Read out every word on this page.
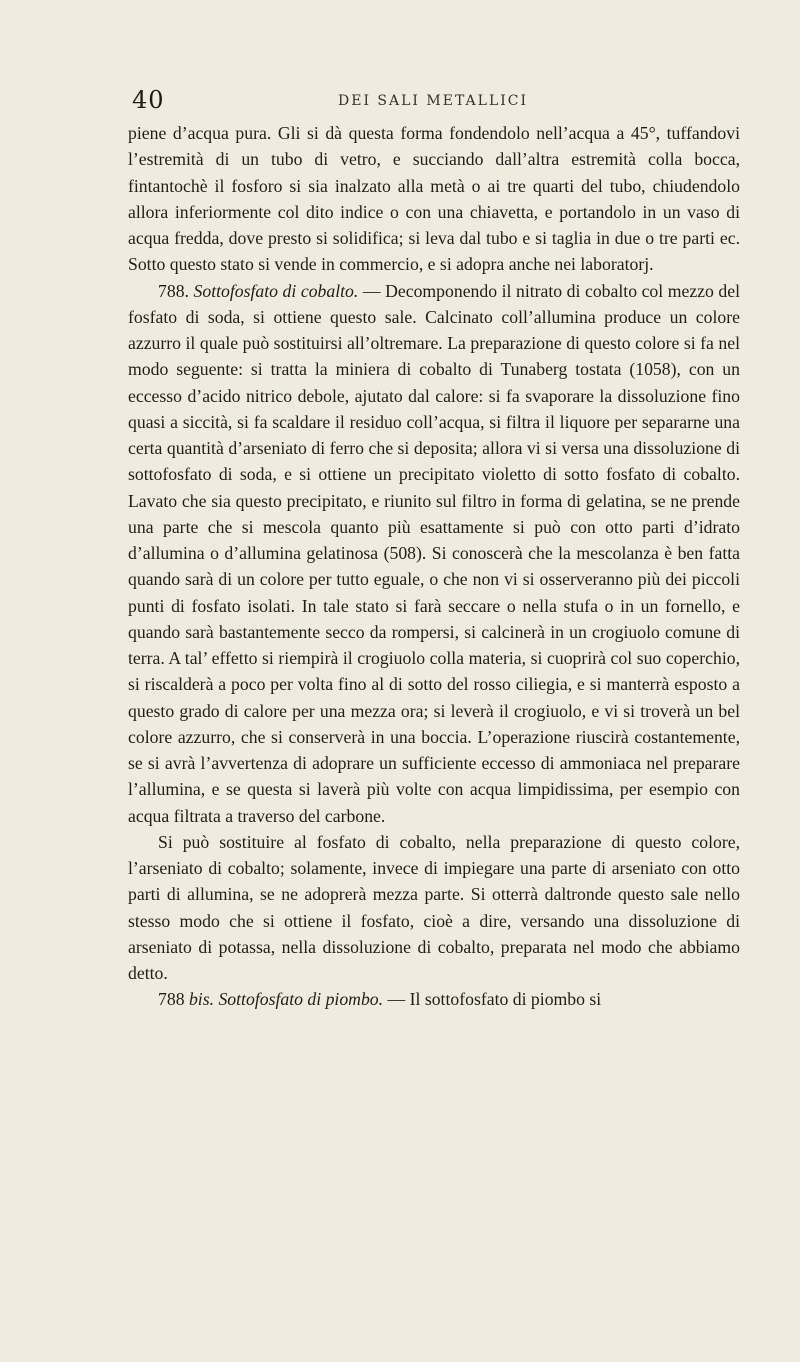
40	DEI SALI METALLICI

piene d’acqua pura. Gli si dà questa forma fondendolo nell’acqua a 45°, tuffandovi l’estremità di un tubo di vetro, e succiando dall’altra estremità colla bocca, fintantochè il fosforo si sia inalzato alla metà o ai tre quarti del tubo, chiudendolo allora inferiormente col dito indice o con una chiavetta, e portandolo in un vaso di acqua fredda, dove presto si solidifica; si leva dal tubo e si taglia in due o tre parti ec. Sotto questo stato si vende in commercio, e si adopra anche nei laboratorj.

788. Sottofosfato di cobalto. — Decomponendo il nitrato di cobalto col mezzo del fosfato di soda, si ottiene questo sale. Calcinato coll’allumina produce un colore azzurro il quale può sostituirsi all’oltremare. La preparazione di questo colore si fa nel modo seguente: si tratta la miniera di cobalto di Tunaberg tostata (1058), con un eccesso d’acido nitrico debole, ajutato dal calore: si fa svaporare la dissoluzione fino quasi a siccità, si fa scaldare il residuo coll’acqua, si filtra il liquore per separarne una certa quantità d’arseniato di ferro che si deposita; allora vi si versa una dissoluzione di sottofosfato di soda, e si ottiene un precipitato violetto di sotto fosfato di cobalto. Lavato che sia questo precipitato, e riunito sul filtro in forma di gelatina, se ne prende una parte che si mescola quanto più esattamente si può con otto parti d’idrato d’allumina o d’allumina gelatinosa (508). Si conoscerà che la mescolanza è ben fatta quando sarà di un colore per tutto eguale, o che non vi si osserveranno più dei piccoli punti di fosfato isolati. In tale stato si farà seccare o nella stufa o in un fornello, e quando sarà bastantemente secco da rompersi, si calcinerà in un crogiuolo comune di terra. A tal’ effetto si riempirà il crogiuolo colla materia, si cuoprirà col suo coperchio, si riscalderà a poco per volta fino al di sotto del rosso ciliegia, e si manterrà esposto a questo grado di calore per una mezza ora; si leverà il crogiuolo, e vi si troverà un bel colore azzurro, che si conserverà in una boccia. L’operazione riuscirà costantemente, se si avrà l’avvertenza di adoprare un sufficiente eccesso di ammoniaca nel preparare l’allumina, e se questa si laverà più volte con acqua limpidissima, per esempio con acqua filtrata a traverso del carbone.

Si può sostituire al fosfato di cobalto, nella preparazione di questo colore, l’arseniato di cobalto; solamente, invece di impiegare una parte di arseniato con otto parti di allumina, se ne adoprerà mezza parte. Si otterrà daltronde questo sale nello stesso modo che si ottiene il fosfato, cioè a dire, versando una dissoluzione di arseniato di potassa, nella dissoluzione di cobalto, preparata nel modo che abbiamo detto.

788 bis. Sottofosfato di piombo. — Il sottofosfato di piombo si
